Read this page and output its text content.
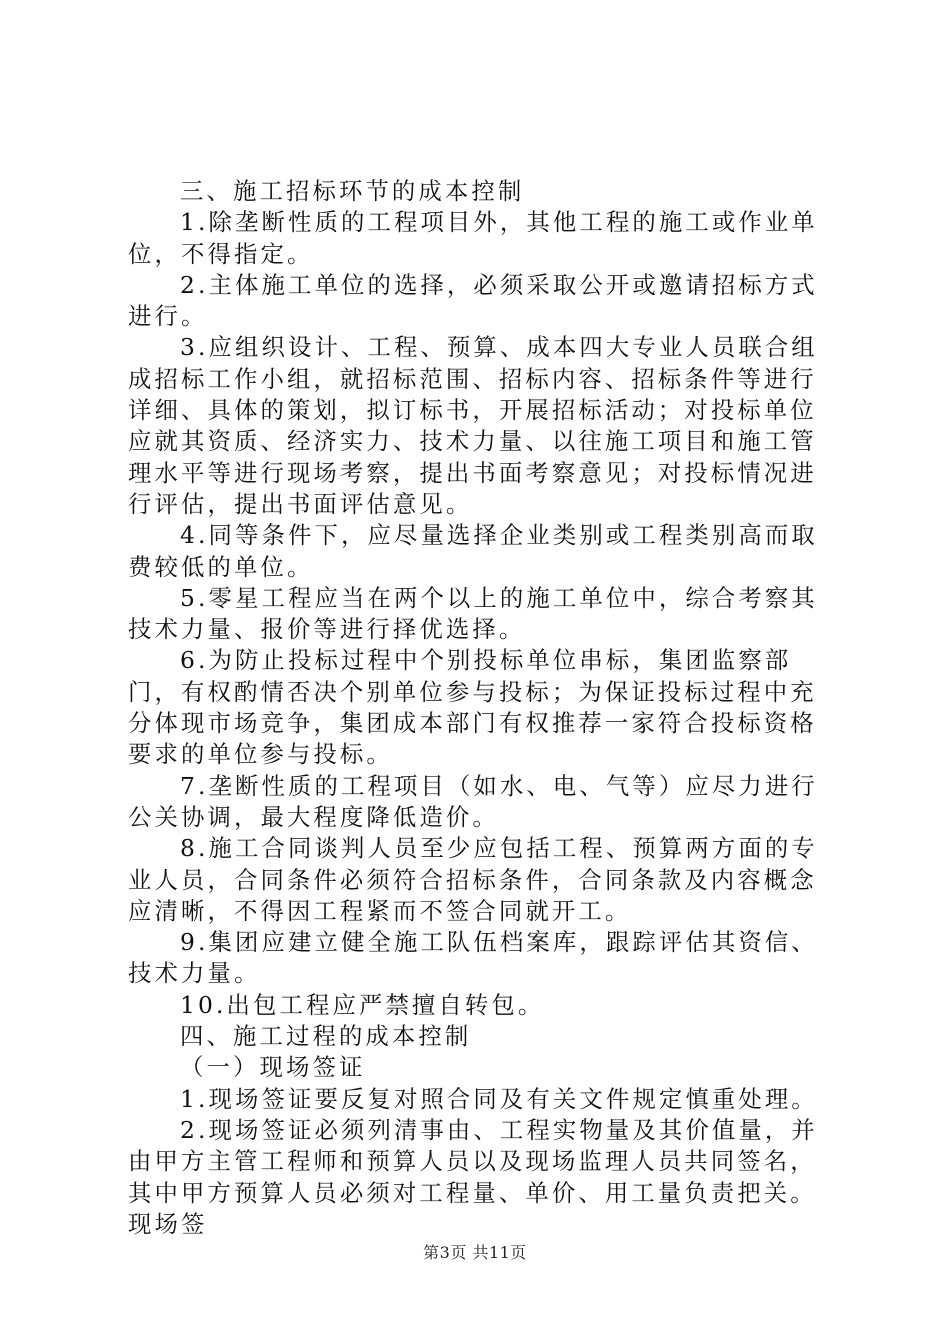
三、施工招标环节的成本控制

1.除垄断性质的工程项目外，其他工程的施工或作业单位，不得指定。

2.主体施工单位的选择，必须采取公开或邀请招标方式进行。

3.应组织设计、工程、预算、成本四大专业人员联合组成招标工作小组，就招标范围、招标内容、招标条件等进行详细、具体的策划，拟订标书，开展招标活动；对投标单位应就其资质、经济实力、技术力量、以往施工项目和施工管理水平等进行现场考察，提出书面考察意见；对投标情况进行评估，提出书面评估意见。

4.同等条件下，应尽量选择企业类别或工程类别高而取费较低的单位。

5.零星工程应当在两个以上的施工单位中，综合考察其技术力量、报价等进行择优选择。

6.为防止投标过程中个别投标单位串标，集团监察部门，有权酌情否决个别单位参与投标；为保证投标过程中充分体现市场竞争，集团成本部门有权推荐一家符合投标资格要求的单位参与投标。

7.垄断性质的工程项目（如水、电、气等）应尽力进行公关协调，最大程度降低造价。

8.施工合同谈判人员至少应包括工程、预算两方面的专业人员，合同条件必须符合招标条件，合同条款及内容概念应清晰，不得因工程紧而不签合同就开工。

9.集团应建立健全施工队伍档案库，跟踪评估其资信、技术力量。

10.出包工程应严禁擅自转包。

四、施工过程的成本控制

（一）现场签证

1.现场签证要反复对照合同及有关文件规定慎重处理。

2.现场签证必须列清事由、工程实物量及其价值量，并由甲方主管工程师和预算人员以及现场监理人员共同签名，其中甲方预算人员必须对工程量、单价、用工量负责把关。现场签

第3页 共11页
